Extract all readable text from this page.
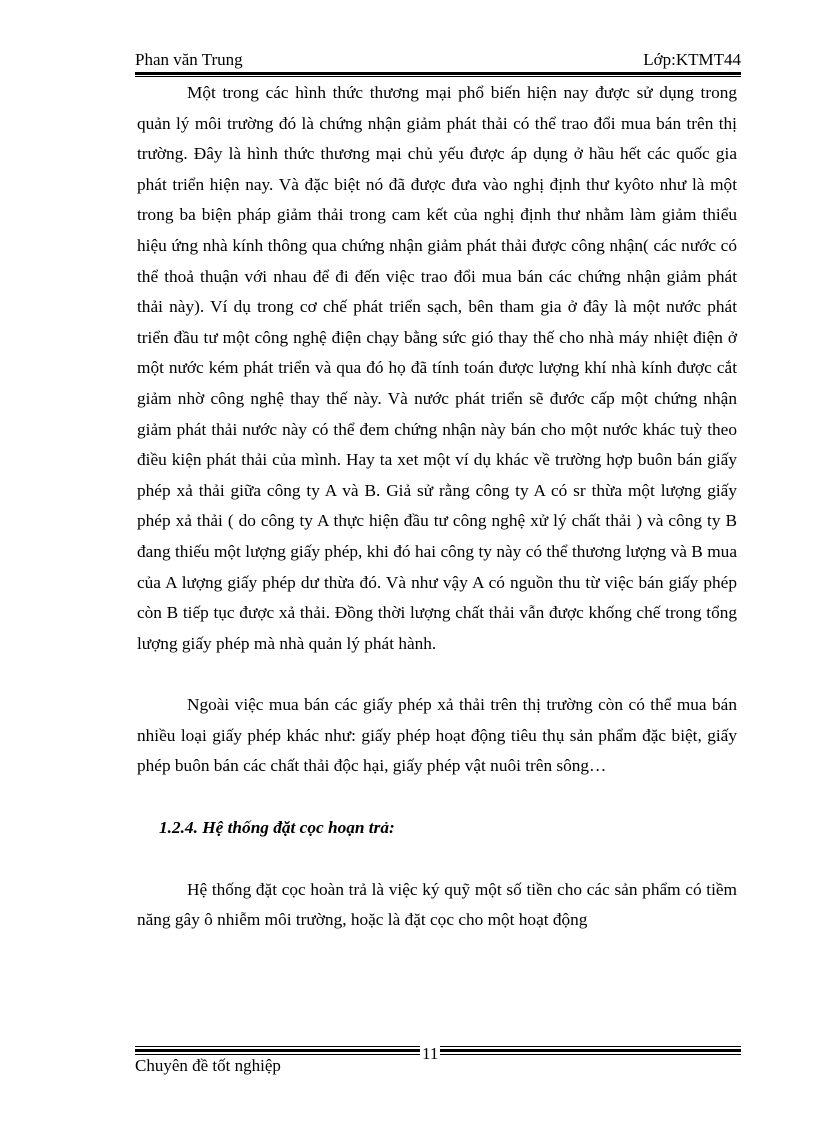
Phan văn Trung	Lớp:KTMT44

Một trong các hình thức thương mại phổ biến hiện nay được sử dụng trong quản lý môi trường đó là chứng nhận giảm phát thải có thể trao đổi mua bán trên thị trường. Đây là hình thức thương mại chủ yếu được áp dụng ở hầu hết các quốc gia phát triển hiện nay. Và đặc biệt nó đã được đưa vào nghị định thư kyôto như là một trong ba biện pháp giảm thải trong cam kết của nghị định thư nhằm làm giảm thiểu hiệu ứng nhà kính thông qua chứng nhận giảm phát thải được công nhận( các nước có thể thoả thuận với nhau để đi đến việc trao đổi mua bán các chứng nhận giảm phát thải này). Ví dụ trong cơ chế phát triển sạch, bên tham gia ở đây là một nước phát triển đầu tư một công nghệ điện chạy bằng sức gió thay thế cho nhà máy nhiệt điện ở một nước kém phát triển và qua đó họ đã tính toán được lượng khí nhà kính được cắt giảm nhờ công nghệ thay thế này. Và nước phát triển sẽ đước cấp một chứng nhận giảm phát thải nước này có thể đem chứng nhận này bán cho một nước khác tuỳ theo điều kiện phát thải của mình. Hay ta xet một ví dụ khác về trường hợp buôn bán giấy phép xả thải giữa công ty A và B. Giả sử rằng công ty A có sr thừa một lượng giấy phép xả thải ( do công ty A thực hiện đầu tư công nghệ xử lý chất thải ) và công ty B đang thiếu một lượng giấy phép, khi đó hai công ty này có thể thương lượng và B mua của A lượng giấy phép dư thừa đó. Và như vậy A có nguồn thu từ việc bán giấy phép còn B tiếp tục được xả thải. Đồng thời lượng chất thải vẫn được khống chế trong tổng lượng giấy phép mà nhà quản lý phát hành.

Ngoài việc mua bán các giấy phép xả thải trên thị trường còn có thể mua bán nhiều loại giấy phép khác như: giấy phép hoạt động tiêu thụ sản phẩm đặc biệt, giấy phép buôn bán các chất thải độc hại, giấy phép vật nuôi trên sông…

1.2.4. Hệ thống đặt cọc hoạn trả:

Hệ thống đặt cọc hoàn trả là việc ký quỹ một số tiền cho các sản phẩm có tiềm năng gây ô nhiễm môi trường, hoặc là đặt cọc cho một hoạt động

11
Chuyên đề tốt nghiệp
